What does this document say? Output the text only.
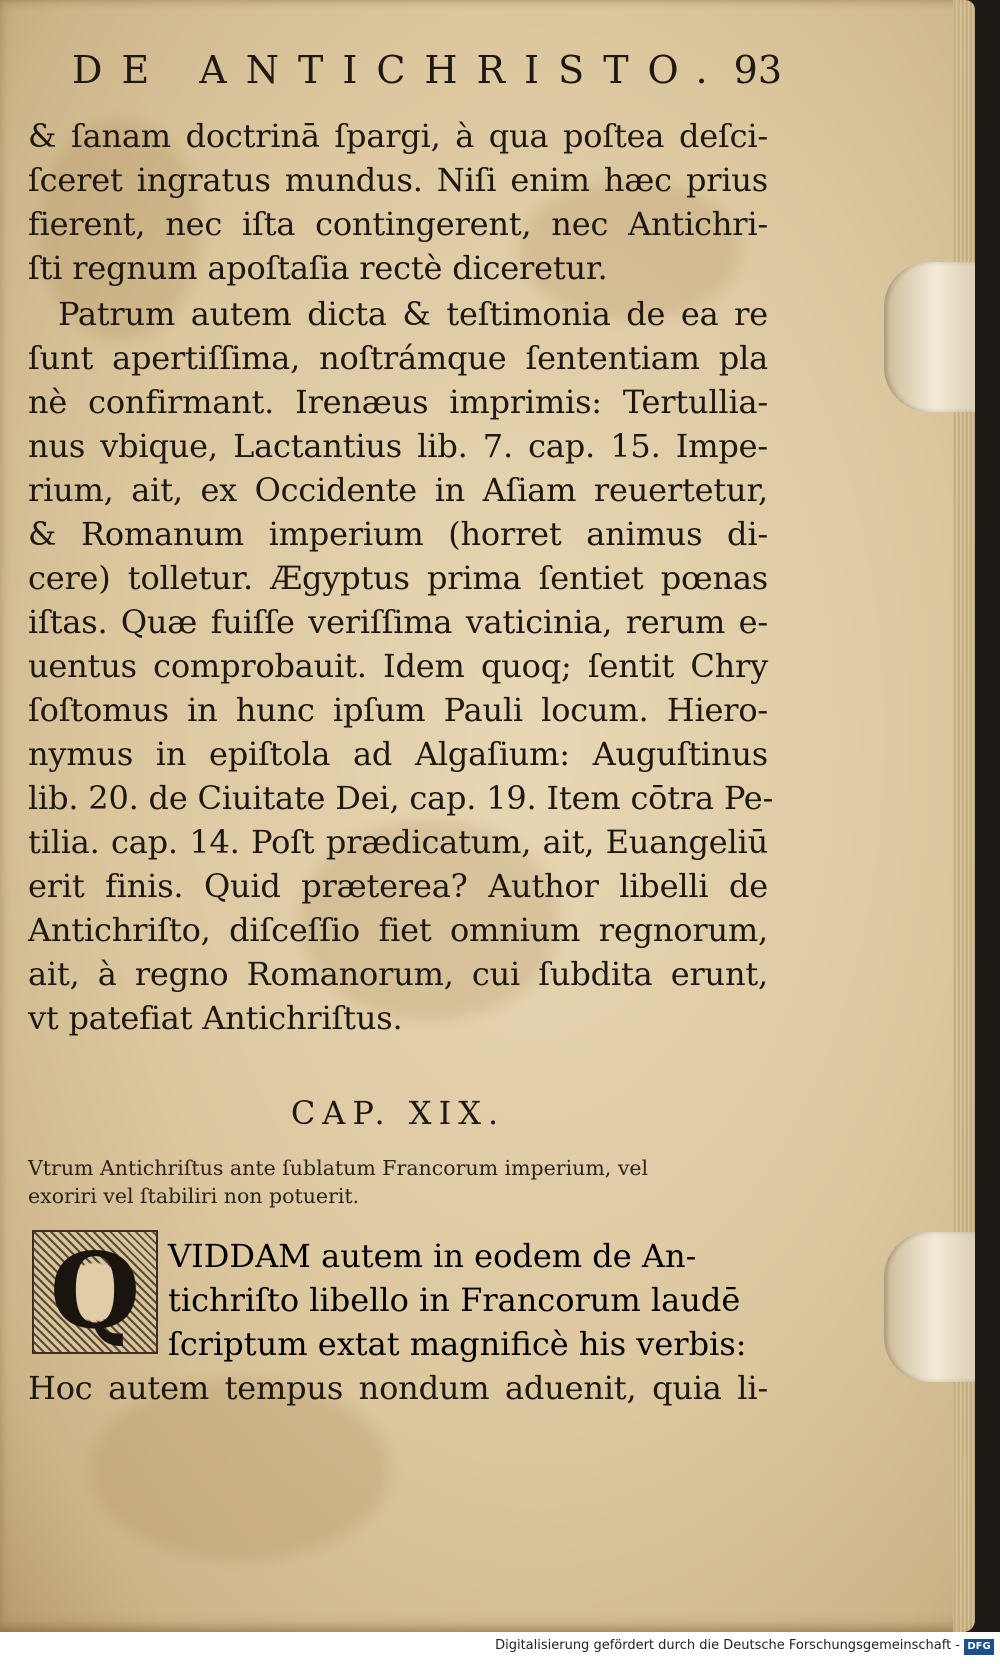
DE ANTICHRISTO. 93
& ſanam doctrinā ſpargi, à qua poſtea deſci-
ſceret ingratus mundus. Niſi enim hæc prius
fierent, nec iſta contingerent, nec Antichri-
ſti regnum apoſtaſia rectè diceretur.
Patrum autem dicta & teſtimonia de ea re
ſunt apertiſſima, noſtrámque ſententiam pla
nè confirmant. Irenæus imprimis: Tertullia-
nus vbique, Lactantius lib. 7. cap. 15. Impe-
rium, ait, ex Occidente in Aſiam reuertetur,
& Romanum imperium (horret animus di-
cere) tolletur. Ægyptus prima ſentiet pœnas
iſtas. Quæ fuiſſe veriſſima vaticinia, rerum e-
uentus comprobauit. Idem quoq; ſentit Chry
ſoſtomus in hunc ipſum Pauli locum. Hiero-
nymus in epiſtola ad Algaſium: Auguſtinus
lib. 20. de Ciuitate Dei, cap. 19. Item cōtra Pe-
tilia. cap. 14. Poſt prædicatum, ait, Euangeliū
erit finis. Quid præterea? Author libelli de
Antichriſto, diſceſſio fiet omnium regnorum,
ait, à regno Romanorum, cui ſubdita erunt,
vt patefiat Antichriſtus.
CAP. XIX.
Vtrum Antichriſtus ante ſublatum Francorum imperium, vel
exoriri vel ſtabiliri non potuerit.
Q VIDDAM autem in eodem de An-
tichriſto libello in Francorum laudē
ſcriptum extat magnificè his verbis:
Hoc autem tempus nondum aduenit, quia li-
Digitalisierung gefördert durch die Deutsche Forschungsgemeinschaft - DFG
